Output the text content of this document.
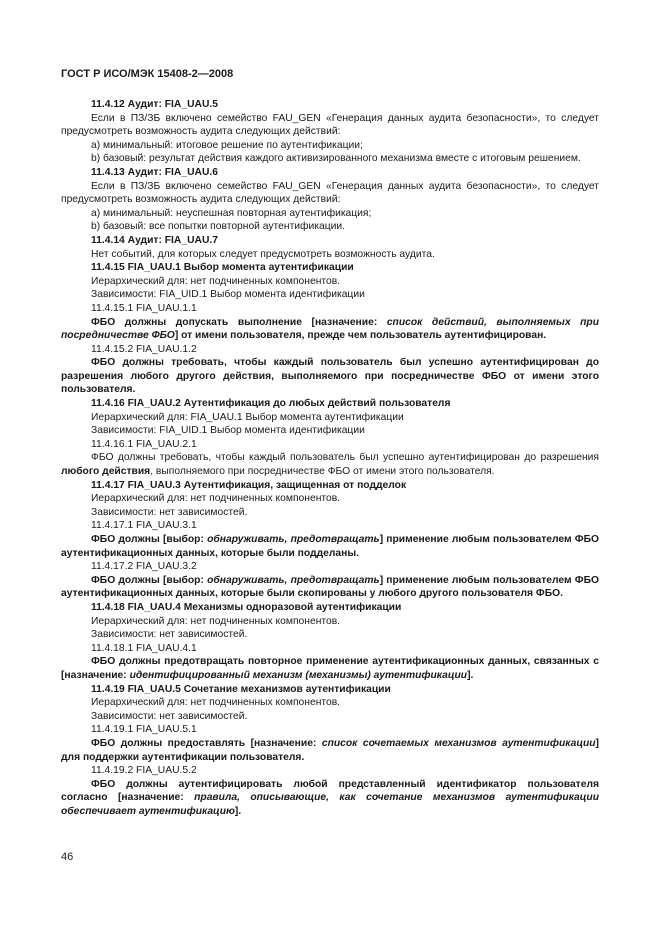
ГОСТ Р ИСО/МЭК 15408-2—2008

11.4.12 Аудит: FIA_UAU.5

Если в ПЗ/ЗБ включено семейство FAU_GEN «Генерация данных аудита безопасности», то следует предусмотреть возможность аудита следующих действий:

a) минимальный: итоговое решение по аутентификации;

b) базовый: результат действия каждого активизированного механизма вместе с итоговым решением.

11.4.13 Аудит: FIA_UAU.6

Если в ПЗ/ЗБ включено семейство FAU_GEN «Генерация данных аудита безопасности», то следует предусмотреть возможность аудита следующих действий:

a) минимальный: неуспешная повторная аутентификация;

b) базовый: все попытки повторной аутентификации.

11.4.14 Аудит: FIA_UAU.7

Нет событий, для которых следует предусмотреть возможность аудита.

11.4.15 FIA_UAU.1 Выбор момента аутентификации

Иерархический для: нет подчиненных компонентов.

Зависимости: FIA_UID.1 Выбор момента идентификации

11.4.15.1 FIA_UAU.1.1

ФБО должны допускать выполнение [назначение: список действий, выполняемых при посредничестве ФБО] от имени пользователя, прежде чем пользователь аутентифицирован.

11.4.15.2 FIA_UAU.1.2

ФБО должны требовать, чтобы каждый пользователь был успешно аутентифицирован до разрешения любого другого действия, выполняемого при посредничестве ФБО от имени этого пользователя.

11.4.16 FIA_UAU.2 Аутентификация до любых действий пользователя

Иерархический для: FIA_UAU.1 Выбор момента аутентификации

Зависимости: FIA_UID.1 Выбор момента идентификации

11.4.16.1 FIA_UAU.2.1

ФБО должны требовать, чтобы каждый пользователь был успешно аутентифицирован до разрешения любого действия, выполняемого при посредничестве ФБО от имени этого пользователя.

11.4.17 FIA_UAU.3 Аутентификация, защищенная от подделок

Иерархический для: нет подчиненных компонентов.

Зависимости: нет зависимостей.

11.4.17.1 FIA_UAU.3.1

ФБО должны [выбор: обнаруживать, предотвращать] применение любым пользователем ФБО аутентификационных данных, которые были подделаны.

11.4.17.2 FIA_UAU.3.2

ФБО должны [выбор: обнаруживать, предотвращать] применение любым пользователем ФБО аутентификационных данных, которые были скопированы у любого другого пользователя ФБО.

11.4.18 FIA_UAU.4 Механизмы одноразовой аутентификации

Иерархический для: нет подчиненных компонентов.

Зависимости: нет зависимостей.

11.4.18.1 FIA_UAU.4.1

ФБО должны предотвращать повторное применение аутентификационных данных, связанных с [назначение: идентифицированный механизм (механизмы) аутентификации].

11.4.19 FIA_UAU.5 Сочетание механизмов аутентификации

Иерархический для: нет подчиненных компонентов.

Зависимости: нет зависимостей.

11.4.19.1 FIA_UAU.5.1

ФБО должны предоставлять [назначение: список сочетаемых механизмов аутентификации] для поддержки аутентификации пользователя.

11.4.19.2 FIA_UAU.5.2

ФБО должны аутентифицировать любой представленный идентификатор пользователя согласно [назначение: правила, описывающие, как сочетание механизмов аутентификации обеспечивает аутентификацию].

46
